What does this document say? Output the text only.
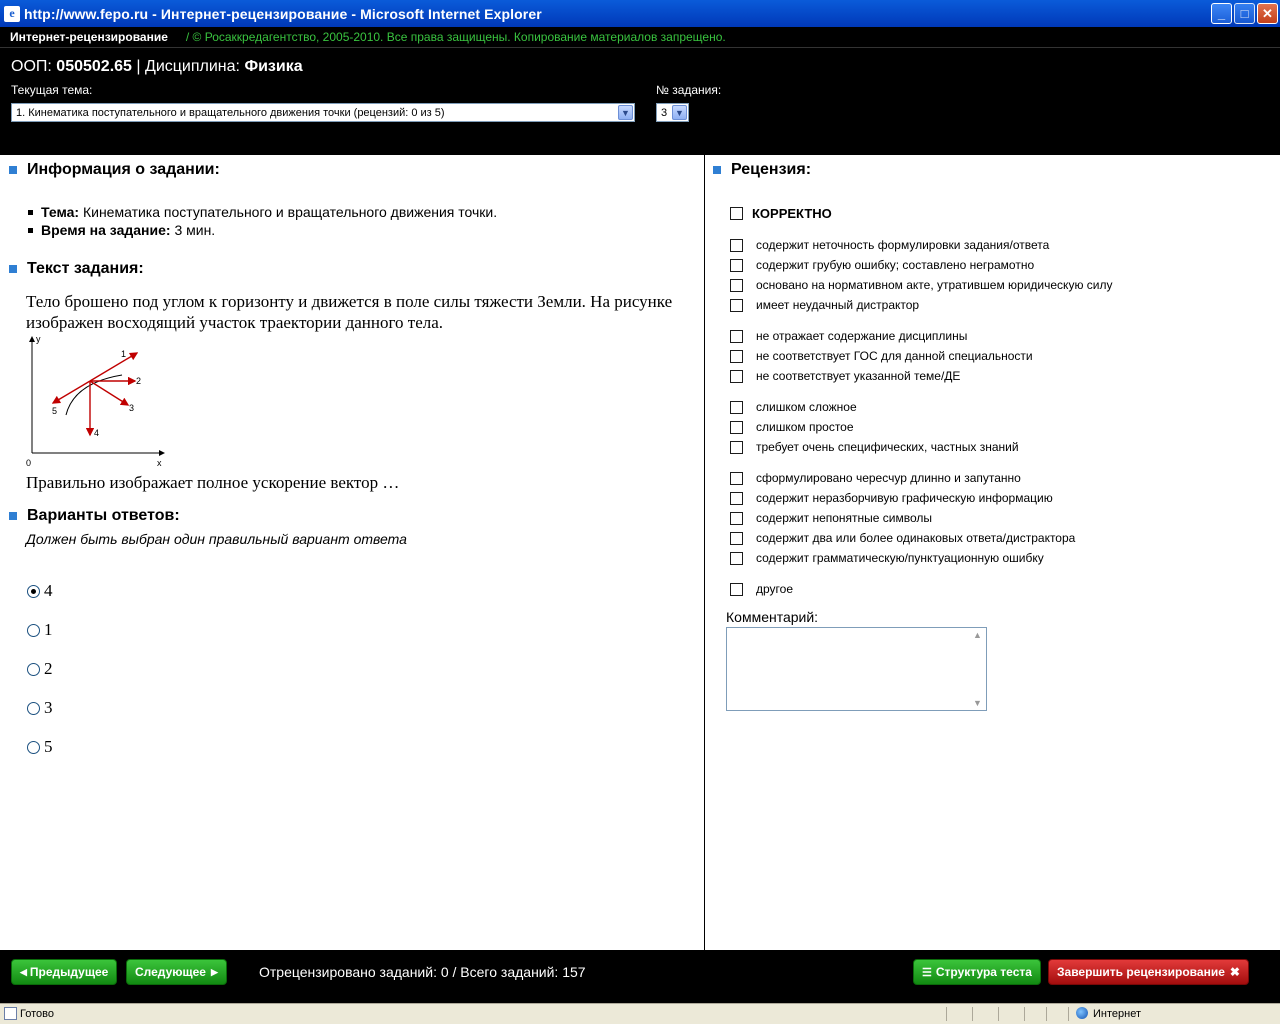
e http://www.fepo.ru - Интернет-рецензирование - Microsoft Internet Explorer	_	□	✕
Интернет-рецензирование / © Росаккредагентство, 2005-2010. Все права защищены. Копирование материалов запрещено.
ООП: 050502.65 | Дисциплина: Физика
Текущая тема:
1. Кинематика поступательного и вращательного движения точки (рецензий: 0 из 5)	▼
№ задания:
3 ▼
Информация о задании:
Тема: Кинематика поступательного и вращательного движения точки.
Время на задание: 3 мин.
Текст задания:
Тело брошено под углом к горизонту и движется в поле силы тяжести Земли. На рисунке изображен восходящий участок траектории данного тела.
y
x
0
1
2
3
4
5
Правильно изображает полное ускорение вектор …
Варианты ответов:
Должен быть выбран один правильный вариант ответа
4
1
2
3
5
Рецензия:
КОРРЕКТНО
содержит неточность формулировки задания/ответа
содержит грубую ошибку; составлено неграмотно
основано на нормативном акте, утратившем юридическую силу
имеет неудачный дистрактор
не отражает содержание дисциплины
не соответствует ГОС для данной специальности
не соответствует указанной теме/ДЕ
слишком сложное
слишком простое
требует очень специфических, частных знаний
сформулировано чересчур длинно и запутанно
содержит неразборчивую графическую информацию
содержит непонятные символы
содержит два или более одинаковых ответа/дистрактора
содержит грамматическую/пунктуационную ошибку
другое
Комментарий:
▲
▼
◀ Предыдущее Следующее ▶	Отрецензировано заданий: 0 / Всего заданий: 157	☰ Структура теста Завершить рецензирование ✖
Готово	Интернет
